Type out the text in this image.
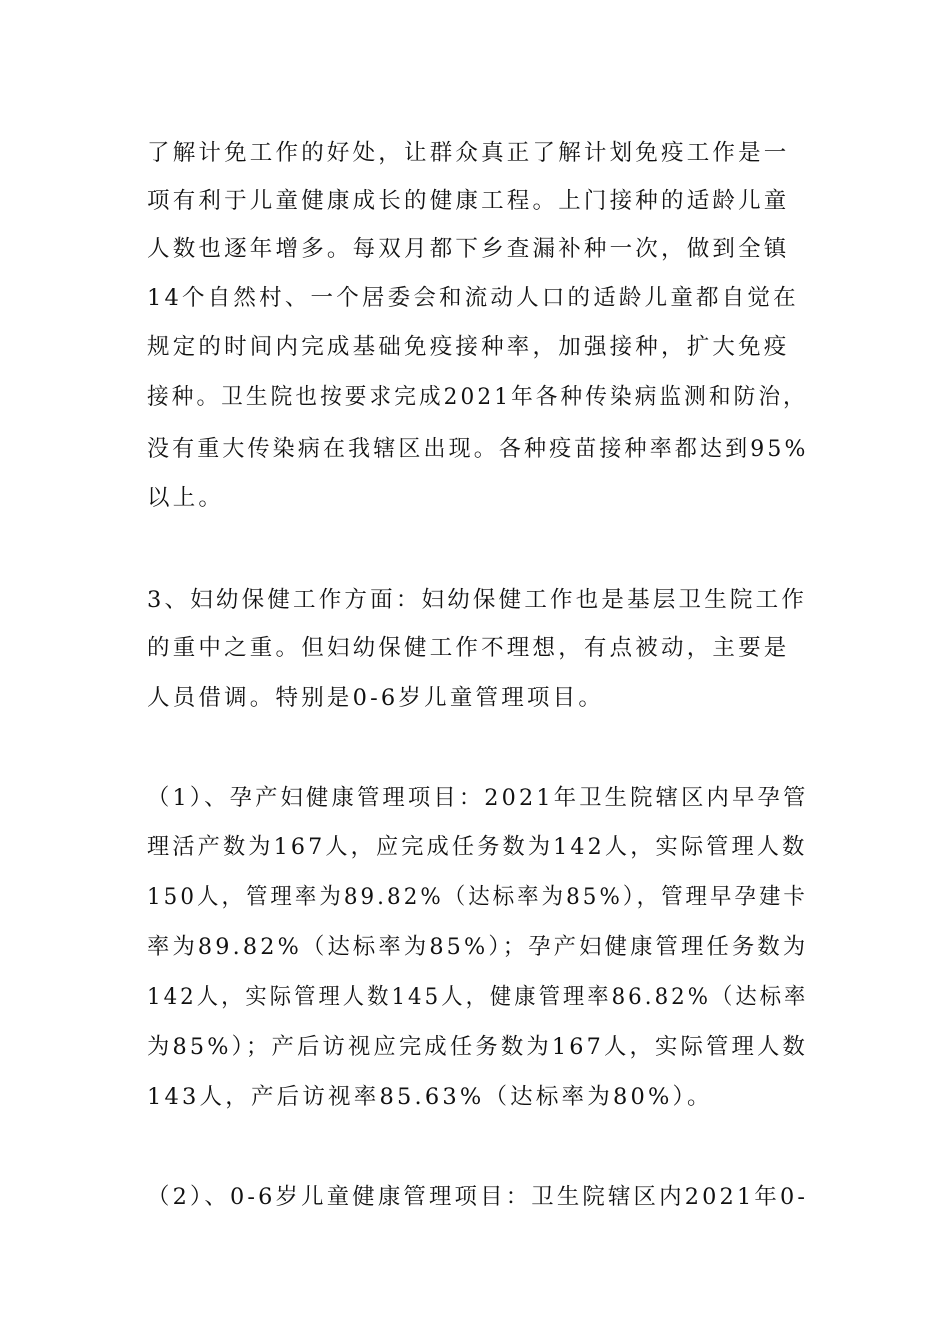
了解计免工作的好处，让群众真正了解计划免疫工作是一
项有利于儿童健康成长的健康工程。上门接种的适龄儿童
人数也逐年增多。每双月都下乡查漏补种一次，做到全镇
14个自然村、一个居委会和流动人口的适龄儿童都自觉在
规定的时间内完成基础免疫接种率，加强接种，扩大免疫
接种。卫生院也按要求完成2021年各种传染病监测和防治，
没有重大传染病在我辖区出现。各种疫苗接种率都达到95%
以上。
3、妇幼保健工作方面：妇幼保健工作也是基层卫生院工作
的重中之重。但妇幼保健工作不理想，有点被动，主要是
人员借调。特别是0-6岁儿童管理项目。
（1）、孕产妇健康管理项目：2021年卫生院辖区内早孕管
理活产数为167人，应完成任务数为142人，实际管理人数
150人，管理率为89.82%（达标率为85%），管理早孕建卡
率为89.82%（达标率为85%）；孕产妇健康管理任务数为
142人，实际管理人数145人，健康管理率86.82%（达标率
为85%）；产后访视应完成任务数为167人，实际管理人数
143人，产后访视率85.63%（达标率为80%）。
（2）、0-6岁儿童健康管理项目：卫生院辖区内2021年0-
